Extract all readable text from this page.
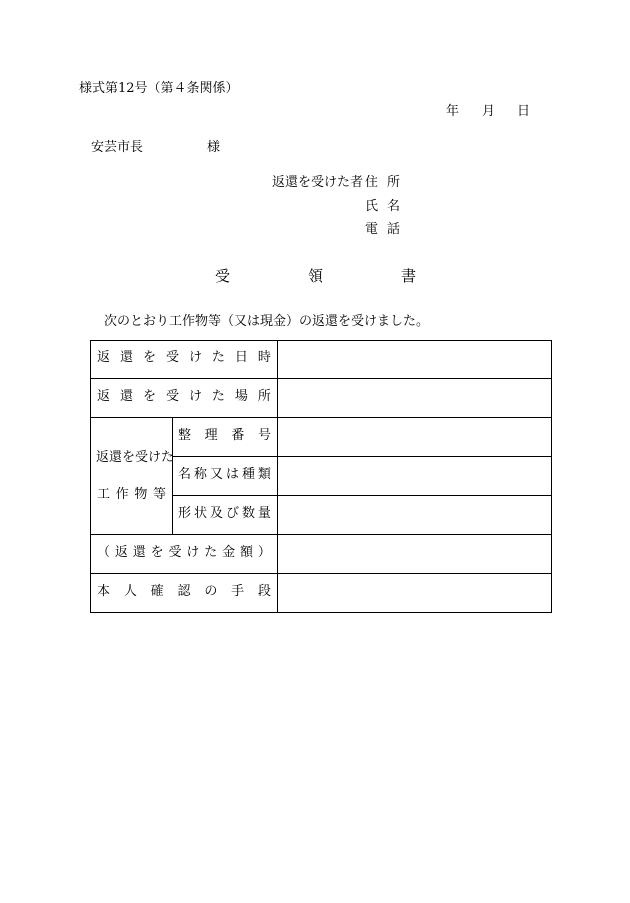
様式第12号（第４条関係）
年 月 日
安芸市長	様
返還を受けた者 住 所
氏 名
電 話
受	領	書
次のとおり工作物等（又は現金）の返還を受けました。
返 還 を 受 け た 日 時
返 還 を 受 け た 場 所
返還を受けた
工 作 物 等
整 理 番 号
名 称 又 は 種 類
形 状 及 び 数 量
（ 返 還 を 受 け た 金 額 ）
本 人 確 認 の 手 段
